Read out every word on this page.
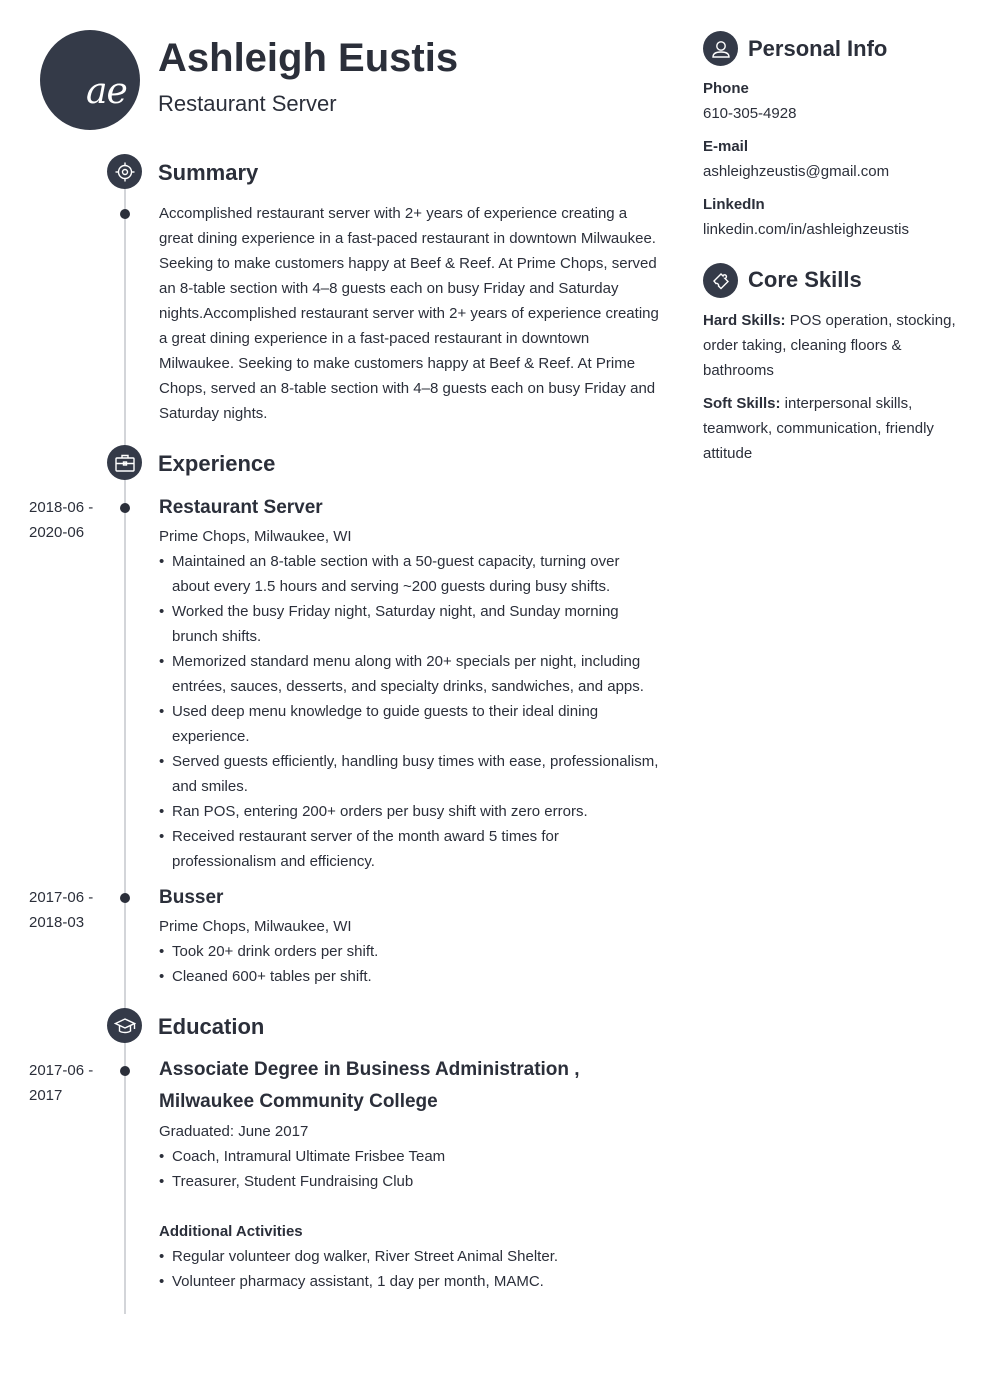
ae
Ashleigh Eustis
Restaurant Server
Summary
Accomplished restaurant server with 2+ years of experience creating a great dining experience in a fast-paced restaurant in downtown Milwaukee. Seeking to make customers happy at Beef & Reef. At Prime Chops, served an 8-table section with 4–8 guests each on busy Friday and Saturday nights.Accomplished restaurant server with 2+ years of experience creating a great dining experience in a fast-paced restaurant in downtown Milwaukee. Seeking to make customers happy at Beef & Reef. At Prime Chops, served an 8-table section with 4–8 guests each on busy Friday and Saturday nights.
Experience
2018-06 -
2020-06
Restaurant Server
Prime Chops, Milwaukee, WI
• Maintained an 8-table section with a 50-guest capacity, turning over about every 1.5 hours and serving ~200 guests during busy shifts.
• Worked the busy Friday night, Saturday night, and Sunday morning brunch shifts.
• Memorized standard menu along with 20+ specials per night, including entrées, sauces, desserts, and specialty drinks, sandwiches, and apps.
• Used deep menu knowledge to guide guests to their ideal dining experience.
• Served guests efficiently, handling busy times with ease, professionalism, and smiles.
• Ran POS, entering 200+ orders per busy shift with zero errors.
• Received restaurant server of the month award 5 times for professionalism and efficiency.
2017-06 -
2018-03
Busser
Prime Chops, Milwaukee, WI
• Took 20+ drink orders per shift.
• Cleaned 600+ tables per shift.
Education
2017-06 -
2017
Associate Degree in Business Administration ,
Milwaukee Community College
Graduated: June 2017
• Coach, Intramural Ultimate Frisbee Team
• Treasurer, Student Fundraising Club
Additional Activities
• Regular volunteer dog walker, River Street Animal Shelter.
• Volunteer pharmacy assistant, 1 day per month, MAMC.
Personal Info
Phone
610-305-4928
E-mail
ashleighzeustis@gmail.com
LinkedIn
linkedin.com/in/ashleighzeustis
Core Skills
Hard Skills: POS operation, stocking, order taking, cleaning floors & bathrooms
Soft Skills: interpersonal skills, teamwork, communication, friendly attitude
